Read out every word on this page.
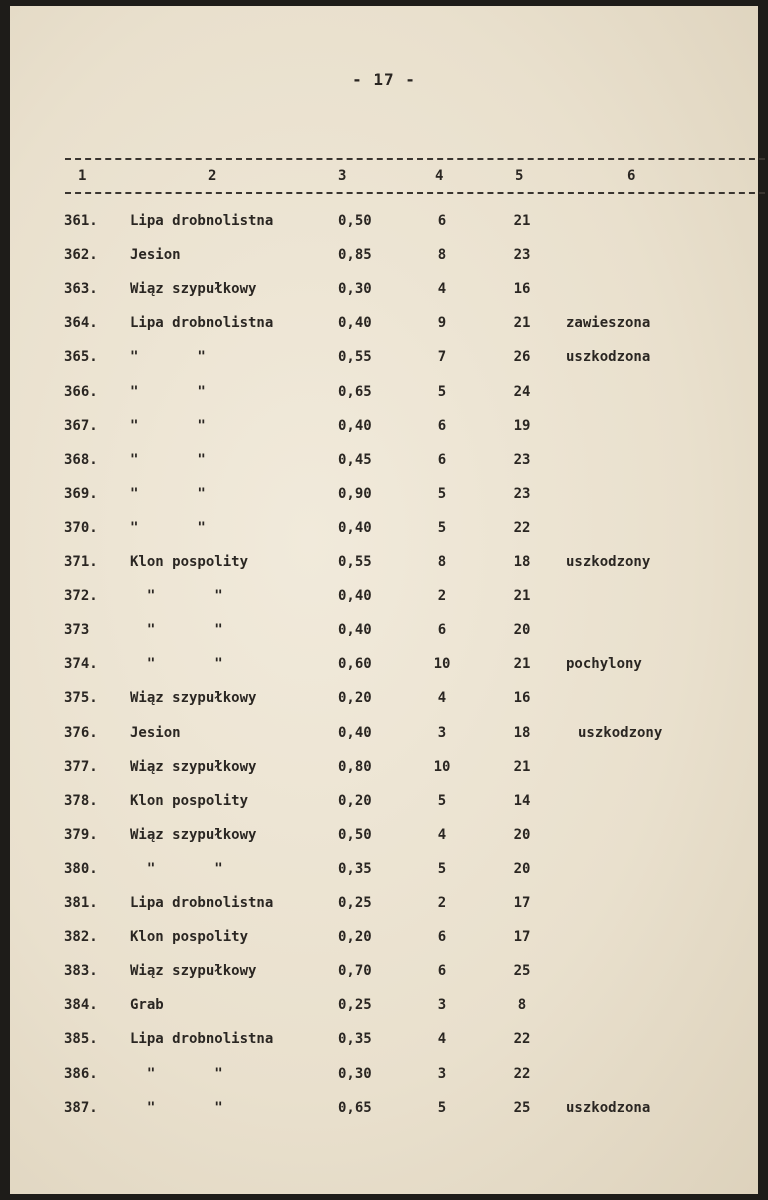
- 17 -
1	2	3	4	5	6
361. Lipa drobnolistna	0,50	6	21
362. Jesion	0,85	8	23
363. Wiąz szypułkowy	0,30	4	16
364. Lipa drobnolistna	0,40	9	21	zawieszona
365. "       "	0,55	7	26	uszkodzona
366. "       "	0,65	5	24
367. "       "	0,40	6	19
368. "       "	0,45	6	23
369. "       "	0,90	5	23
370. "       "	0,40	5	22
371. Klon pospolity	0,55	8	18	uszkodzony
372. "       "	0,40	2	21
373	"       "	0,40	6	20
374. "       "	0,60	10	21	pochylony
375. Wiąz szypułkowy	0,20	4	16
376. Jesion	0,40	3	18	uszkodzony
377. Wiąz szypułkowy	0,80	10	21
378. Klon pospolity	0,20	5	14
379. Wiąz szypułkowy	0,50	4	20
380. "       "	0,35	5	20
381. Lipa drobnolistna	0,25	2	17
382. Klon pospolity	0,20	6	17
383. Wiąz szypułkowy	0,70	6	25
384. Grab	0,25	3	8
385. Lipa drobnolistna	0,35	4	22
386. "       "	0,30	3	22
387. "       "	0,65	5	25	uszkodzona
